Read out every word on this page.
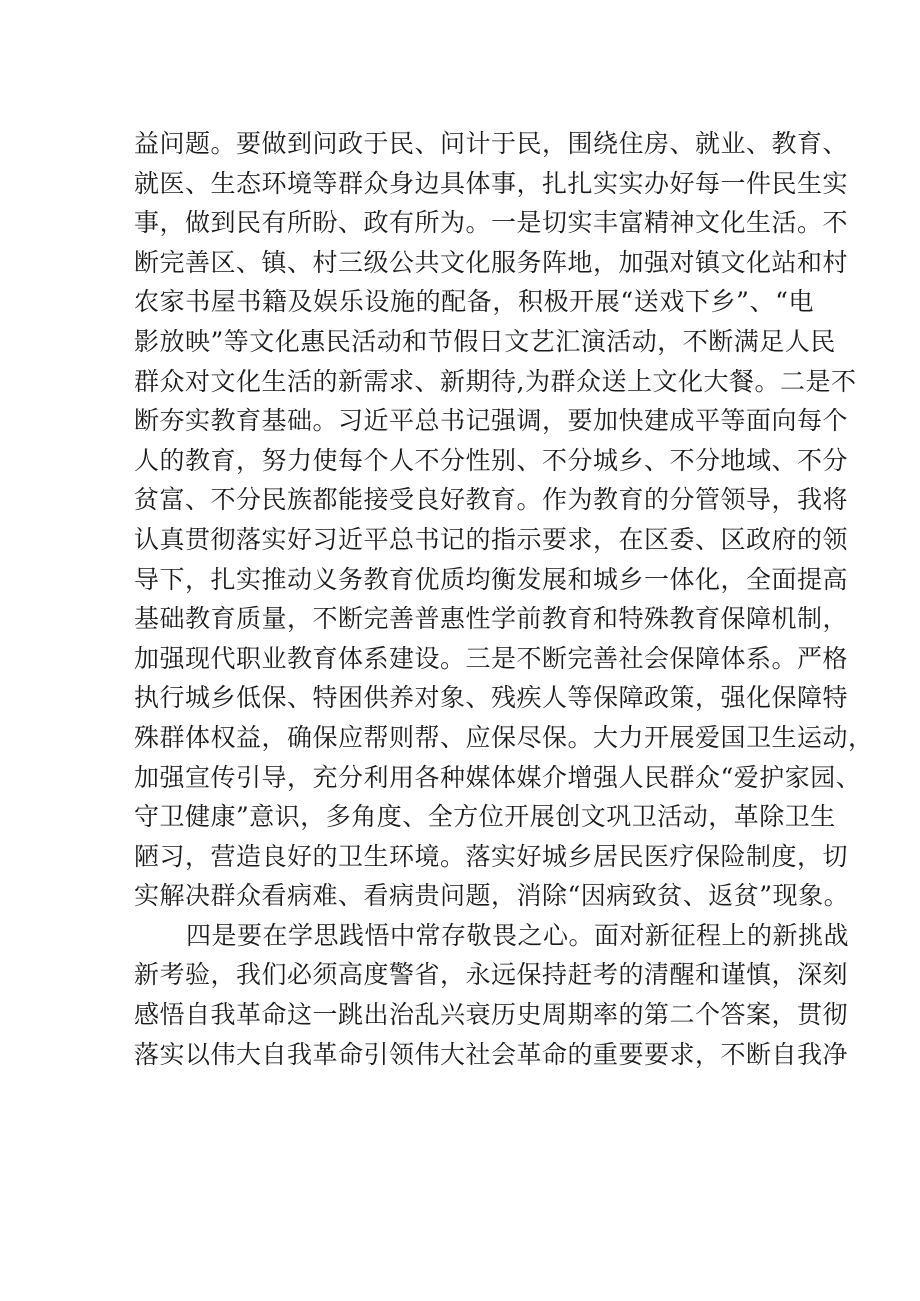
益问题。要做到问政于民、问计于民，围绕住房、就业、教育、
就医、生态环境等群众身边具体事，扎扎实实办好每一件民生实
事，做到民有所盼、政有所为。一是切实丰富精神文化生活。不
断完善区、镇、村三级公共文化服务阵地，加强对镇文化站和村
农家书屋书籍及娱乐设施的配备，积极开展“送戏下乡”、“电
影放映”等文化惠民活动和节假日文艺汇演活动，不断满足人民
群众对文化生活的新需求、新期待,为群众送上文化大餐。二是不
断夯实教育基础。习近平总书记强调，要加快建成平等面向每个
人的教育，努力使每个人不分性别、不分城乡、不分地域、不分
贫富、不分民族都能接受良好教育。作为教育的分管领导，我将
认真贯彻落实好习近平总书记的指示要求，在区委、区政府的领
导下，扎实推动义务教育优质均衡发展和城乡一体化，全面提高
基础教育质量，不断完善普惠性学前教育和特殊教育保障机制，
加强现代职业教育体系建设。三是不断完善社会保障体系。严格
执行城乡低保、特困供养对象、残疾人等保障政策，强化保障特
殊群体权益，确保应帮则帮、应保尽保。大力开展爱国卫生运动，
加强宣传引导，充分利用各种媒体媒介增强人民群众“爱护家园、
守卫健康”意识，多角度、全方位开展创文巩卫活动，革除卫生
陋习，营造良好的卫生环境。落实好城乡居民医疗保险制度，切
实解决群众看病难、看病贵问题，消除“因病致贫、返贫”现象。

四是要在学思践悟中常存敬畏之心。面对新征程上的新挑战
新考验，我们必须高度警省，永远保持赶考的清醒和谨慎，深刻
感悟自我革命这一跳出治乱兴衰历史周期率的第二个答案，贯彻
落实以伟大自我革命引领伟大社会革命的重要要求，不断自我净
